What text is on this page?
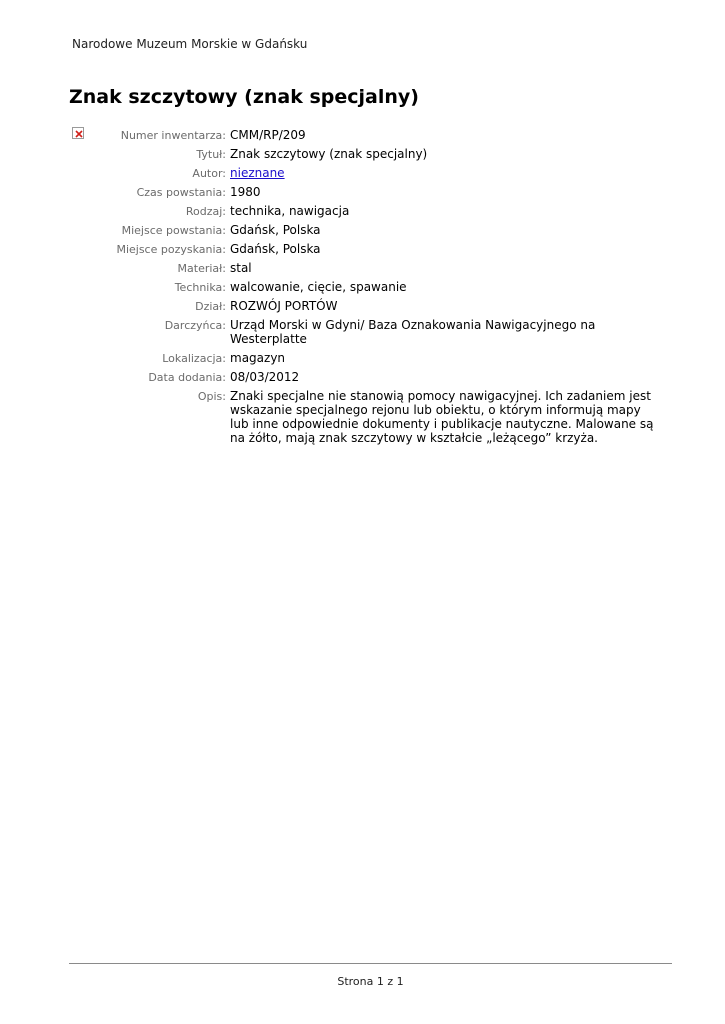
Narodowe Muzeum Morskie w Gdańsku
Znak szczytowy (znak specjalny)
Numer inwentarza: CMM/RP/209
Tytuł: Znak szczytowy (znak specjalny)
Autor: nieznane
Czas powstania: 1980
Rodzaj: technika, nawigacja
Miejsce powstania: Gdańsk, Polska
Miejsce pozyskania: Gdańsk, Polska
Materiał: stal
Technika: walcowanie, cięcie, spawanie
Dział: ROZWÓJ PORTÓW
Darczyńca: Urząd Morski w Gdyni/ Baza Oznakowania Nawigacyjnego na Westerplatte
Lokalizacja: magazyn
Data dodania: 08/03/2012
Opis: Znaki specjalne nie stanowią pomocy nawigacyjnej. Ich zadaniem jest wskazanie specjalnego rejonu lub obiektu, o którym informują mapy lub inne odpowiednie dokumenty i publikacje nautyczne. Malowane są na żółto, mają znak szczytowy w kształcie „leżącego” krzyża.
Strona 1 z 1
